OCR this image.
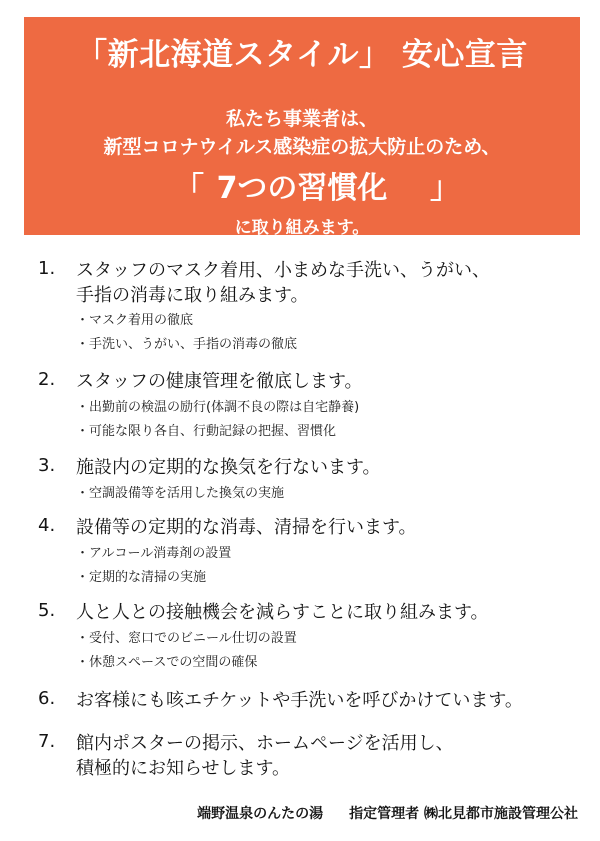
「新北海道スタイル」 安心宣言
私たち事業者は、
新型コロナウイルス感染症の拡大防止のため、
「 7つの習慣化	」
に取り組みます。
1. スタッフのマスク着用、小まめな手洗い、うがい、
手指の消毒に取り組みます。
・マスク着用の徹底
・手洗い、うがい、手指の消毒の徹底
2. スタッフの健康管理を徹底します。
・出勤前の検温の励行(体調不良の際は自宅静養)
・可能な限り各自、行動記録の把握、習慣化
3. 施設内の定期的な換気を行ないます。
・空調設備等を活用した換気の実施
4. 設備等の定期的な消毒、清掃を行います。
・アルコール消毒剤の設置
・定期的な清掃の実施
5. 人と人との接触機会を減らすことに取り組みます。
・受付、窓口でのビニール仕切の設置
・休憩スペースでの空間の確保
6. お客様にも咳エチケットや手洗いを呼びかけています。
7. 館内ポスターの掲示、ホームページを活用し、
積極的にお知らせします。
端野温泉のんたの湯 指定管理者 ㈱北見都市施設管理公社
